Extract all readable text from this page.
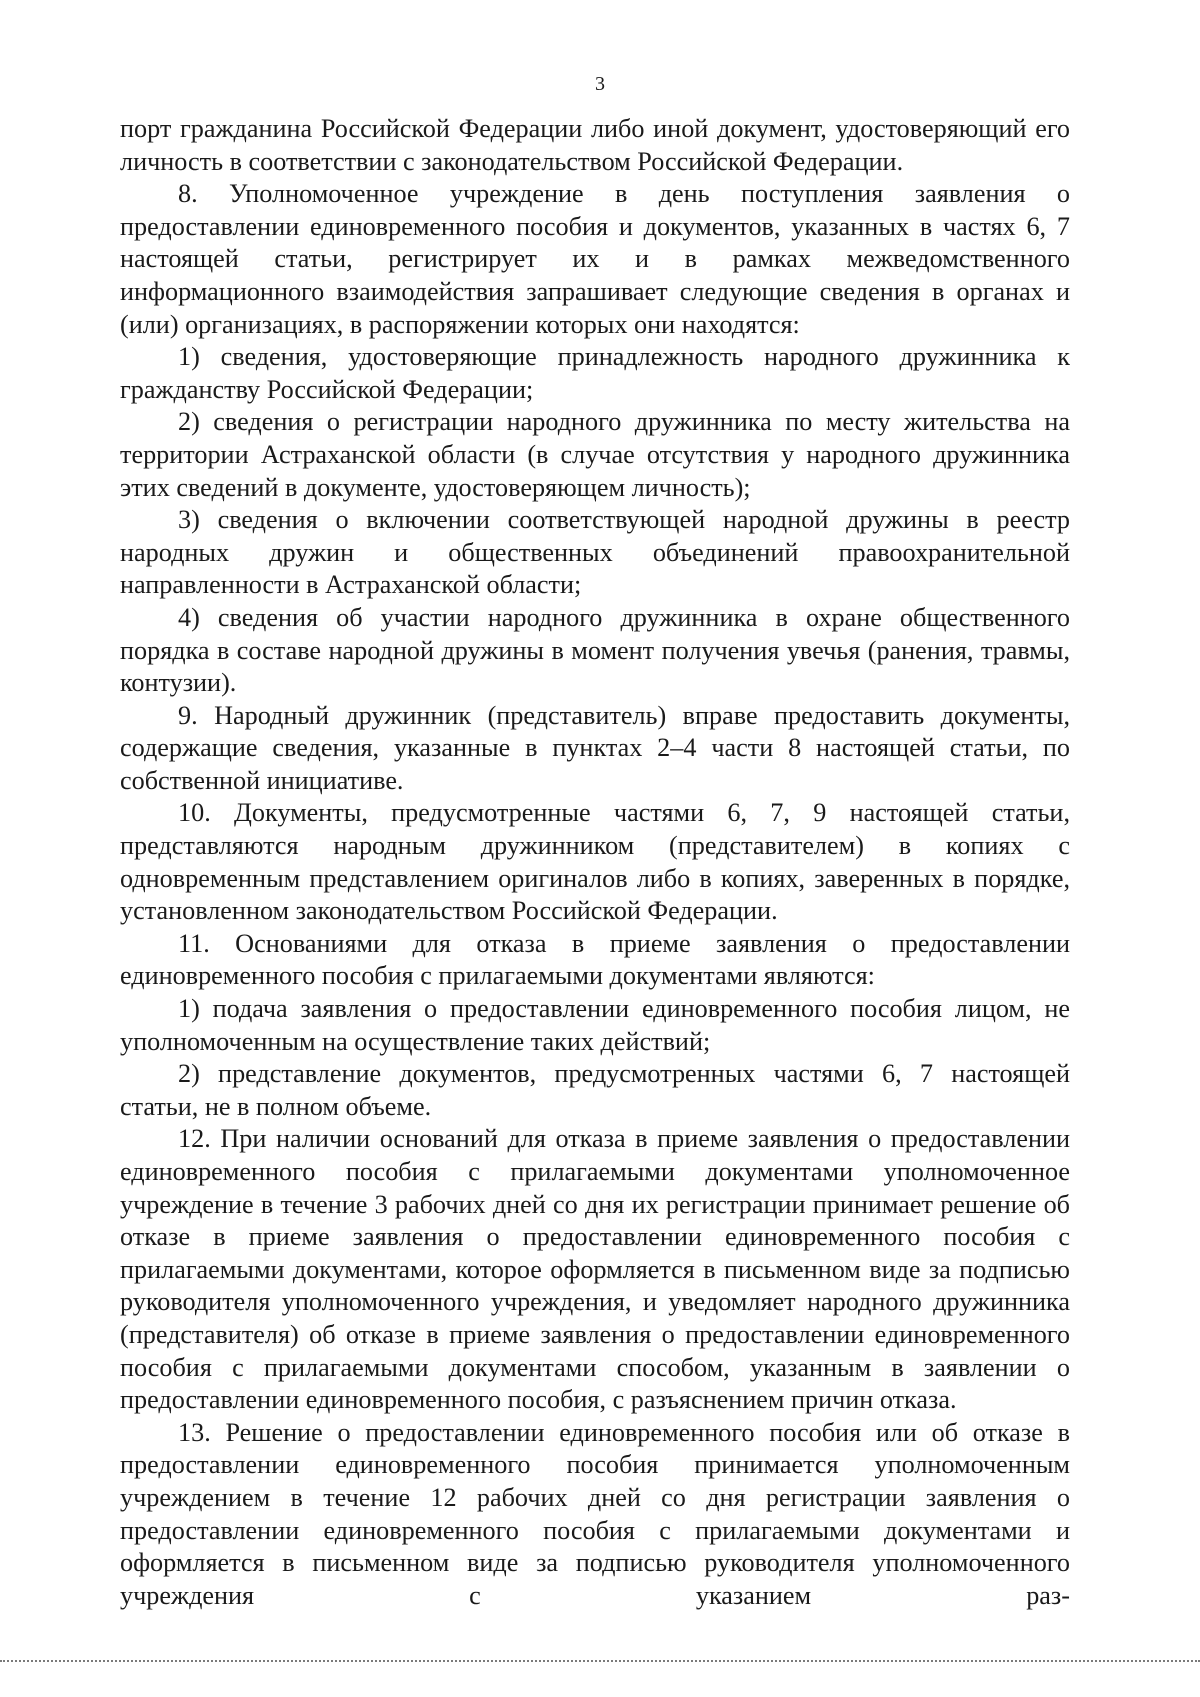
3

порт гражданина Российской Федерации либо иной документ, удостоверяющий его личность в соответствии с законодательством Российской Федерации.

8. Уполномоченное учреждение в день поступления заявления о предоставлении единовременного пособия и документов, указанных в частях 6, 7 настоящей статьи, регистрирует их и в рамках межведомственного информационного взаимодействия запрашивает следующие сведения в органах и (или) организациях, в распоряжении которых они находятся:

1) сведения, удостоверяющие принадлежность народного дружинника к гражданству Российской Федерации;

2) сведения о регистрации народного дружинника по месту жительства на территории Астраханской области (в случае отсутствия у народного дружинника этих сведений в документе, удостоверяющем личность);

3) сведения о включении соответствующей народной дружины в реестр народных дружин и общественных объединений правоохранительной направленности в Астраханской области;

4) сведения об участии народного дружинника в охране общественного порядка в составе народной дружины в момент получения увечья (ранения, травмы, контузии).

9. Народный дружинник (представитель) вправе предоставить документы, содержащие сведения, указанные в пунктах 2–4 части 8 настоящей статьи, по собственной инициативе.

10. Документы, предусмотренные частями 6, 7, 9 настоящей статьи, представляются народным дружинником (представителем) в копиях с одновременным представлением оригиналов либо в копиях, заверенных в порядке, установленном законодательством Российской Федерации.

11. Основаниями для отказа в приеме заявления о предоставлении единовременного пособия с прилагаемыми документами являются:

1) подача заявления о предоставлении единовременного пособия лицом, не уполномоченным на осуществление таких действий;

2) представление документов, предусмотренных частями 6, 7 настоящей статьи, не в полном объеме.

12. При наличии оснований для отказа в приеме заявления о предоставлении единовременного пособия с прилагаемыми документами уполномоченное учреждение в течение 3 рабочих дней со дня их регистрации принимает решение об отказе в приеме заявления о предоставлении единовременного пособия с прилагаемыми документами, которое оформляется в письменном виде за подписью руководителя уполномоченного учреждения, и уведомляет народного дружинника (представителя) об отказе в приеме заявления о предоставлении единовременного пособия с прилагаемыми документами способом, указанным в заявлении о предоставлении единовременного пособия, с разъяснением причин отказа.

13. Решение о предоставлении единовременного пособия или об отказе в предоставлении единовременного пособия принимается уполномоченным учреждением в течение 12 рабочих дней со дня регистрации заявления о предоставлении единовременного пособия с прилагаемыми документами и оформляется в письменном виде за подписью руководителя уполномоченного учреждения с указанием раз-
